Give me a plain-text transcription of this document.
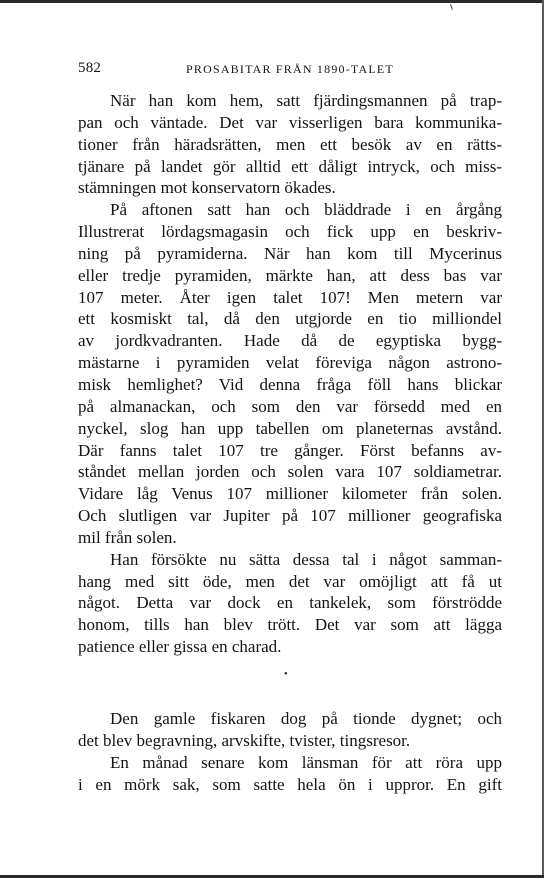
582	PROSABITAR FRÅN 1890-TALET
När han kom hem, satt fjärdingsmannen på trap-
pan och väntade. Det var visserligen bara kommunika-
tioner från häradsrätten, men ett besök av en rätts-
tjänare på landet gör alltid ett dåligt intryck, och miss-
stämningen mot konservatorn ökades.
På aftonen satt han och bläddrade i en årgång
Illustrerat lördagsmagasin och fick upp en beskriv-
ning på pyramiderna. När han kom till Mycerinus
eller tredje pyramiden, märkte han, att dess bas var
107 meter. Åter igen talet 107! Men metern var
ett kosmiskt tal, då den utgjorde en tio milliondel
av jordkvadranten. Hade då de egyptiska bygg-
mästarne i pyramiden velat föreviga någon astrono-
misk hemlighet? Vid denna fråga föll hans blickar
på almanackan, och som den var försedd med en
nyckel, slog han upp tabellen om planeternas avstånd.
Där fanns talet 107 tre gånger. Först befanns av-
ståndet mellan jorden och solen vara 107 soldiametrar.
Vidare låg Venus 107 millioner kilometer från solen.
Och slutligen var Jupiter på 107 millioner geografiska
mil från solen.
Han försökte nu sätta dessa tal i något samman-
hang med sitt öde, men det var omöjligt att få ut
något. Detta var dock en tankelek, som förströdde
honom, tills han blev trött. Det var som att lägga
patience eller gissa en charad.
•
Den gamle fiskaren dog på tionde dygnet; och
det blev begravning, arvskifte, tvister, tingsresor.
En månad senare kom länsman för att röra upp
i en mörk sak, som satte hela ön i uppror. En gift
